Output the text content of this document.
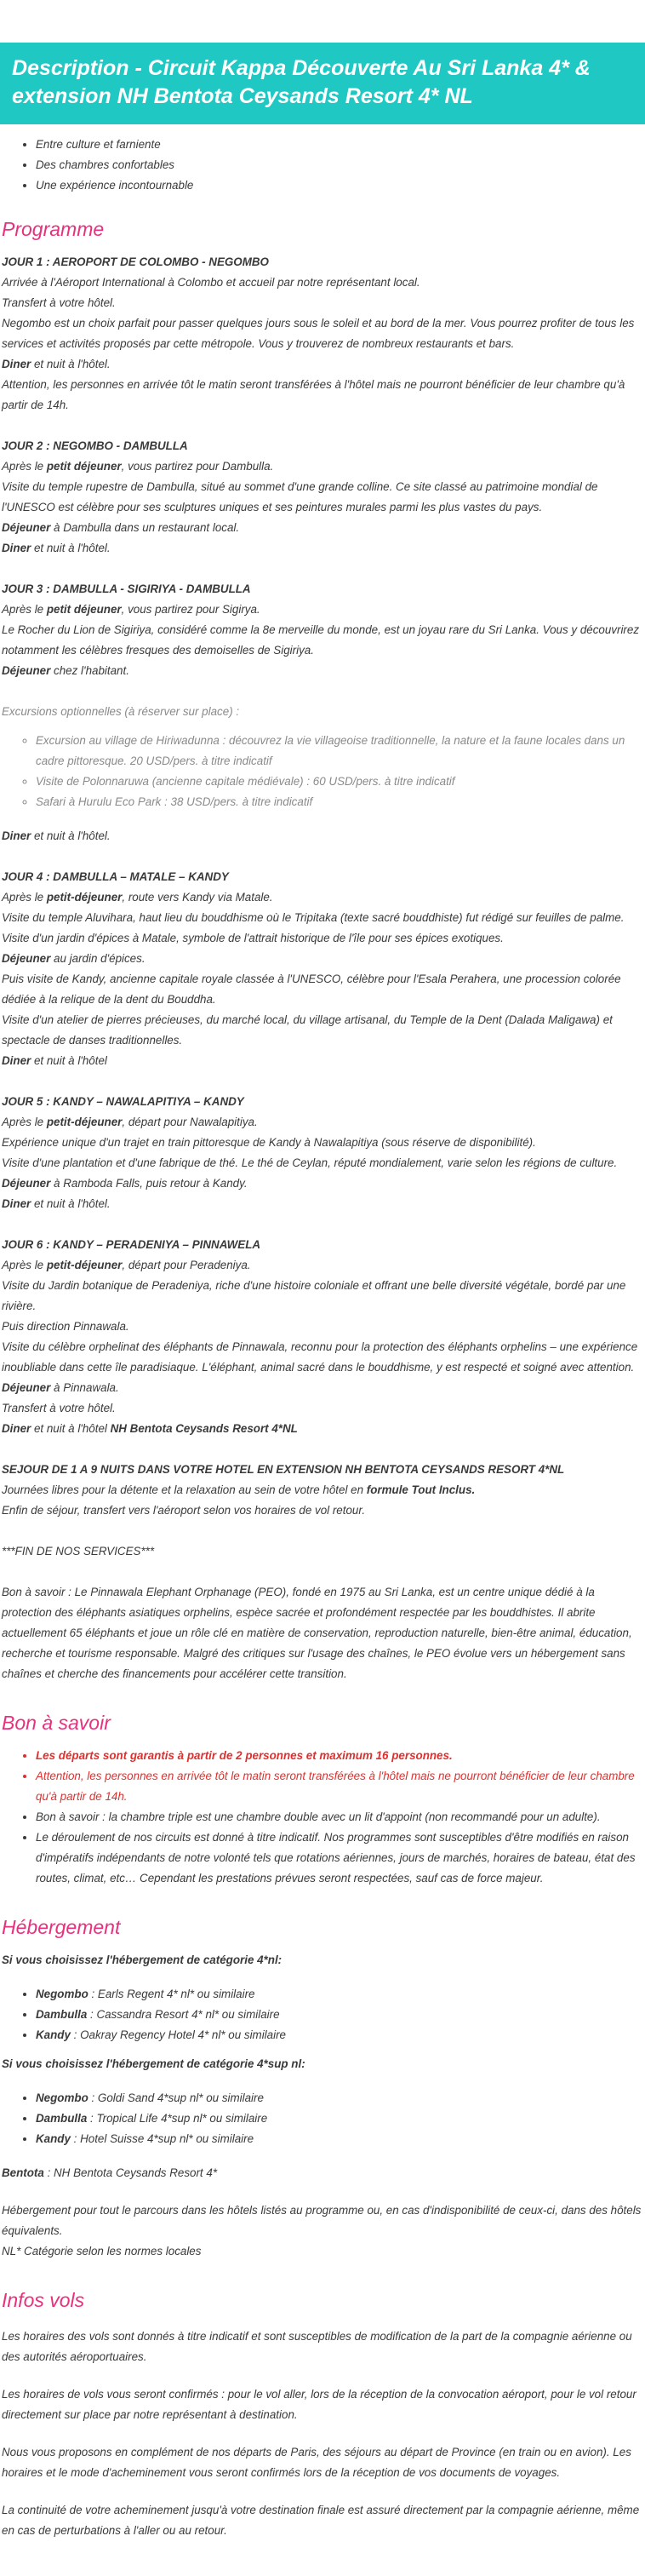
Description - Circuit Kappa Découverte Au Sri Lanka 4* & extension NH Bentota Ceysands Resort 4* NL
• Entre culture et farniente
• Des chambres confortables
• Une expérience incontournable
Programme
JOUR 1 : AEROPORT DE COLOMBO - NEGOMBO
Arrivée à l'Aéroport International à Colombo et accueil par notre représentant local.
Transfert à votre hôtel.
Negombo est un choix parfait pour passer quelques jours sous le soleil et au bord de la mer. Vous pourrez profiter de tous les services et activités proposés par cette métropole. Vous y trouverez de nombreux restaurants et bars.
Diner et nuit à l'hôtel.
Attention, les personnes en arrivée tôt le matin seront transférées à l'hôtel mais ne pourront bénéficier de leur chambre qu'à partir de 14h.
JOUR 2 : NEGOMBO - DAMBULLA
Après le petit déjeuner, vous partirez pour Dambulla.
Visite du temple rupestre de Dambulla, situé au sommet d'une grande colline. Ce site classé au patrimoine mondial de l'UNESCO est célèbre pour ses sculptures uniques et ses peintures murales parmi les plus vastes du pays.
Déjeuner à Dambulla dans un restaurant local.
Diner et nuit à l'hôtel.
JOUR 3 : DAMBULLA - SIGIRIYA - DAMBULLA
Après le petit déjeuner, vous partirez pour Sigirya.
Le Rocher du Lion de Sigiriya, considéré comme la 8e merveille du monde, est un joyau rare du Sri Lanka. Vous y découvrirez notamment les célèbres fresques des demoiselles de Sigiriya.
Déjeuner chez l'habitant.
Excursions optionnelles (à réserver sur place) :
◦ Excursion au village de Hiriwadunna : découvrez la vie villageoise traditionnelle, la nature et la faune locales dans un cadre pittoresque. 20 USD/pers. à titre indicatif
◦ Visite de Polonnaruwa (ancienne capitale médiévale) : 60 USD/pers. à titre indicatif
◦ Safari à Hurulu Eco Park : 38 USD/pers. à titre indicatif
Diner et nuit à l'hôtel.
JOUR 4 : DAMBULLA – MATALE – KANDY
Après le petit-déjeuner, route vers Kandy via Matale.
Visite du temple Aluvihara, haut lieu du bouddhisme où le Tripitaka (texte sacré bouddhiste) fut rédigé sur feuilles de palme.
Visite d'un jardin d'épices à Matale, symbole de l'attrait historique de l'île pour ses épices exotiques.
Déjeuner au jardin d'épices.
Puis visite de Kandy, ancienne capitale royale classée à l'UNESCO, célèbre pour l'Esala Perahera, une procession colorée dédiée à la relique de la dent du Bouddha.
Visite d'un atelier de pierres précieuses, du marché local, du village artisanal, du Temple de la Dent (Dalada Maligawa) et spectacle de danses traditionnelles.
Diner et nuit à l'hôtel
JOUR 5 : KANDY – NAWALAPITIYA – KANDY
Après le petit-déjeuner, départ pour Nawalapitiya.
Expérience unique d'un trajet en train pittoresque de Kandy à Nawalapitiya (sous réserve de disponibilité).
Visite d'une plantation et d'une fabrique de thé. Le thé de Ceylan, réputé mondialement, varie selon les régions de culture.
Déjeuner à Ramboda Falls, puis retour à Kandy.
Diner et nuit à l'hôtel.
JOUR 6 : KANDY – PERADENIYA – PINNAWELA
Après le petit-déjeuner, départ pour Peradeniya.
Visite du Jardin botanique de Peradeniya, riche d'une histoire coloniale et offrant une belle diversité végétale, bordé par une rivière.
Puis direction Pinnawala.
Visite du célèbre orphelinat des éléphants de Pinnawala, reconnu pour la protection des éléphants orphelins – une expérience inoubliable dans cette île paradisiaque. L'éléphant, animal sacré dans le bouddhisme, y est respecté et soigné avec attention.
Déjeuner à Pinnawala.
Transfert à votre hôtel.
Diner et nuit à l'hôtel NH Bentota Ceysands Resort 4*NL
SEJOUR DE 1 A 9 NUITS DANS VOTRE HOTEL EN EXTENSION NH BENTOTA CEYSANDS RESORT 4*NL
Journées libres pour la détente et la relaxation au sein de votre hôtel en formule Tout Inclus.
Enfin de séjour, transfert vers l'aéroport selon vos horaires de vol retour.
***FIN DE NOS SERVICES***
Bon à savoir : Le Pinnawala Elephant Orphanage (PEO), fondé en 1975 au Sri Lanka, est un centre unique dédié à la protection des éléphants asiatiques orphelins, espèce sacrée et profondément respectée par les bouddhistes. Il abrite actuellement 65 éléphants et joue un rôle clé en matière de conservation, reproduction naturelle, bien-être animal, éducation, recherche et tourisme responsable. Malgré des critiques sur l'usage des chaînes, le PEO évolue vers un hébergement sans chaînes et cherche des financements pour accélérer cette transition.
Bon à savoir
• Les départs sont garantis à partir de 2 personnes et maximum 16 personnes.
• Attention, les personnes en arrivée tôt le matin seront transférées à l'hôtel mais ne pourront bénéficier de leur chambre qu'à partir de 14h.
• Bon à savoir : la chambre triple est une chambre double avec un lit d'appoint (non recommandé pour un adulte).
• Le déroulement de nos circuits est donné à titre indicatif. Nos programmes sont susceptibles d'être modifiés en raison d'impératifs indépendants de notre volonté tels que rotations aériennes, jours de marchés, horaires de bateau, état des routes, climat, etc… Cependant les prestations prévues seront respectées, sauf cas de force majeur.
Hébergement
Si vous choisissez l'hébergement de catégorie 4*nl:
• Negombo : Earls Regent 4* nl* ou similaire
• Dambulla : Cassandra Resort 4* nl* ou similaire
• Kandy : Oakray Regency Hotel 4* nl* ou similaire
Si vous choisissez l'hébergement de catégorie 4*sup nl:
• Negombo : Goldi Sand 4*sup nl* ou similaire
• Dambulla : Tropical Life 4*sup nl* ou similaire
• Kandy : Hotel Suisse 4*sup nl* ou similaire
Bentota : NH Bentota Ceysands Resort 4*
Hébergement pour tout le parcours dans les hôtels listés au programme ou, en cas d'indisponibilité de ceux-ci, dans des hôtels équivalents.
NL* Catégorie selon les normes locales
Infos vols
Les horaires des vols sont donnés à titre indicatif et sont susceptibles de modification de la part de la compagnie aérienne ou des autorités aéroportuaires.
Les horaires de vols vous seront confirmés : pour le vol aller, lors de la réception de la convocation aéroport, pour le vol retour directement sur place par notre représentant à destination.
Nous vous proposons en complément de nos départs de Paris, des séjours au départ de Province (en train ou en avion). Les horaires et le mode d'acheminement vous seront confirmés lors de la réception de vos documents de voyages.
La continuité de votre acheminement jusqu'à votre destination finale est assuré directement par la compagnie aérienne, même en cas de perturbations à l'aller ou au retour.
